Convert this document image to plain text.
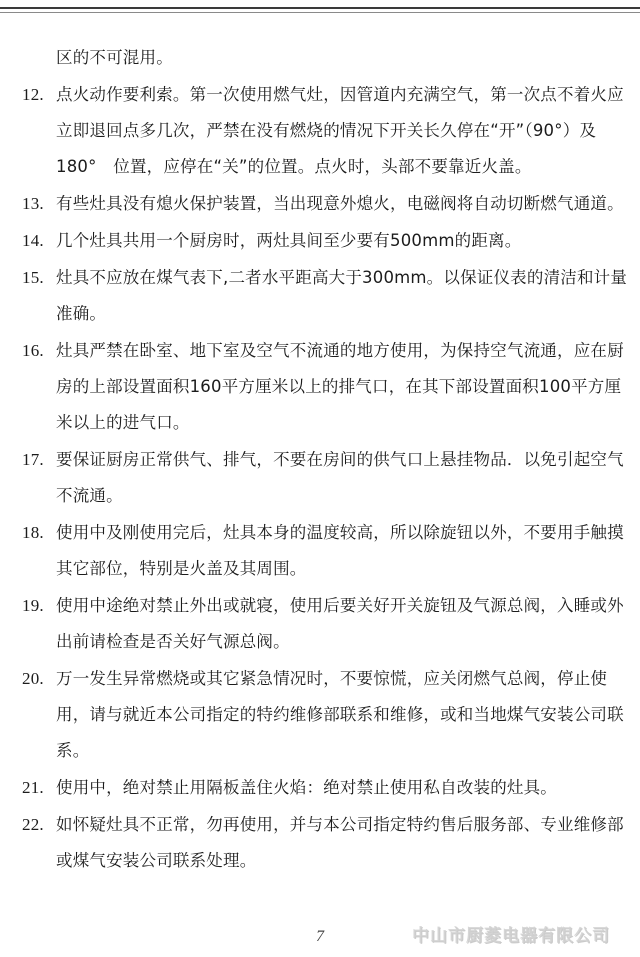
区的不可混用。
12. 点火动作要利索。第一次使用燃气灶，因管道内充满空气，第一次点不着火应立即退回点多几次，严禁在没有燃烧的情况下开关长久停在“开”（90°）及180°　位置，应停在“关”的位置。点火时，头部不要靠近火盖。
13. 有些灶具没有熄火保护装置，当出现意外熄火，电磁阀将自动切断燃气通道。
14. 几个灶具共用一个厨房时，两灶具间至少要有500mm的距离。
15. 灶具不应放在煤气表下,二者水平距高大于300mm。以保证仪表的清洁和计量准确。
16. 灶具严禁在卧室、地下室及空气不流通的地方使用，为保持空气流通，应在厨房的上部设置面积160平方厘米以上的排气口，在其下部设置面积100平方厘米以上的进气口。
17. 要保证厨房正常供气、排气，不要在房间的供气口上悬挂物品．以免引起空气不流通。
18. 使用中及刚使用完后，灶具本身的温度较高，所以除旋钮以外，不要用手触摸其它部位，特别是火盖及其周围。
19. 使用中途绝对禁止外出或就寝，使用后要关好开关旋钮及气源总阀，入睡或外出前请检查是否关好气源总阀。
20. 万一发生异常燃烧或其它紧急情况时，不要惊慌，应关闭燃气总阀，停止使用，请与就近本公司指定的特约维修部联系和维修，或和当地煤气安装公司联系。
21. 使用中，绝对禁止用隔板盖住火焰：绝对禁止使用私自改装的灶具。
22. 如怀疑灶具不正常，勿再使用，并与本公司指定特约售后服务部、专业维修部或煤气安装公司联系处理。
7	中山市厨菱电器有限公司
